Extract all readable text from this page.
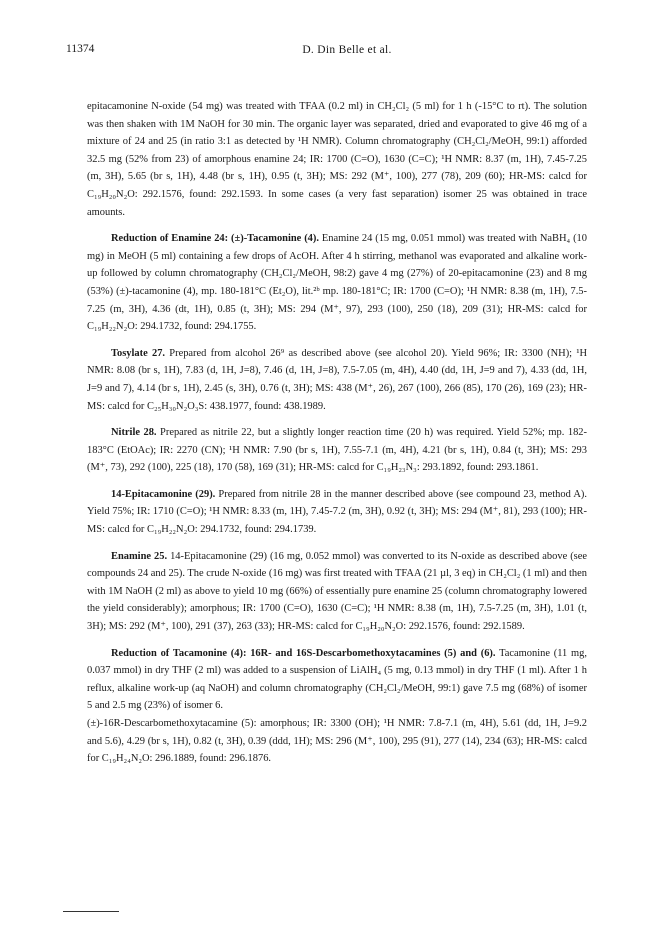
11374	D. Din Belle et al.

epitacamonine N-oxide (54 mg) was treated with TFAA (0.2 ml) in CH₂Cl₂ (5 ml) for 1 h (-15°C to rt). The solution was then shaken with 1M NaOH for 30 min. The organic layer was separated, dried and evaporated to give 46 mg of a mixture of 24 and 25 (in ratio 3:1 as detected by ¹H NMR). Column chromatography (CH₂Cl₂/MeOH, 99:1) afforded 32.5 mg (52% from 23) of amorphous enamine 24; IR: 1700 (C=O), 1630 (C=C); ¹H NMR: 8.37 (m, 1H), 7.45-7.25 (m, 3H), 5.65 (br s, 1H), 4.48 (br s, 1H), 0.95 (t, 3H); MS: 292 (M⁺, 100), 277 (78), 209 (60); HR-MS: calcd for C₁₉H₂₀N₂O: 292.1576, found: 292.1593. In some cases (a very fast separation) isomer 25 was obtained in trace amounts.

Reduction of Enamine 24: (±)-Tacamonine (4). Enamine 24 (15 mg, 0.051 mmol) was treated with NaBH₄ (10 mg) in MeOH (5 ml) containing a few drops of AcOH. After 4 h stirring, methanol was evaporated and alkaline work-up followed by column chromatography (CH₂Cl₂/MeOH, 98:2) gave 4 mg (27%) of 20-epitacamonine (23) and 8 mg (53%) (±)-tacamonine (4), mp. 180-181°C (Et₂O), lit.²ᵇ mp. 180-181°C; IR: 1700 (C=O); ¹H NMR: 8.38 (m, 1H), 7.5-7.25 (m, 3H), 4.36 (dt, 1H), 0.85 (t, 3H); MS: 294 (M⁺, 97), 293 (100), 250 (18), 209 (31); HR-MS: calcd for C₁₉H₂₂N₂O: 294.1732, found: 294.1755.

Tosylate 27. Prepared from alcohol 26⁹ as described above (see alcohol 20). Yield 96%; IR: 3300 (NH); ¹H NMR: 8.08 (br s, 1H), 7.83 (d, 1H, J=8), 7.46 (d, 1H, J=8), 7.5-7.05 (m, 4H), 4.40 (dd, 1H, J=9 and 7), 4.33 (dd, 1H, J=9 and 7), 4.14 (br s, 1H), 2.45 (s, 3H), 0.76 (t, 3H); MS: 438 (M⁺, 26), 267 (100), 266 (85), 170 (26), 169 (23); HR-MS: calcd for C₂₅H₃₀N₂O₃S: 438.1977, found: 438.1989.

Nitrile 28. Prepared as nitrile 22, but a slightly longer reaction time (20 h) was required. Yield 52%; mp. 182-183°C (EtOAc); IR: 2270 (CN); ¹H NMR: 7.90 (br s, 1H), 7.55-7.1 (m, 4H), 4.21 (br s, 1H), 0.84 (t, 3H); MS: 293 (M⁺, 73), 292 (100), 225 (18), 170 (58), 169 (31); HR-MS: calcd for C₁₉H₂₃N₃: 293.1892, found: 293.1861.

14-Epitacamonine (29). Prepared from nitrile 28 in the manner described above (see compound 23, method A). Yield 75%; IR: 1710 (C=O); ¹H NMR: 8.33 (m, 1H), 7.45-7.2 (m, 3H), 0.92 (t, 3H); MS: 294 (M⁺, 81), 293 (100); HR-MS: calcd for C₁₉H₂₂N₂O: 294.1732, found: 294.1739.

Enamine 25. 14-Epitacamonine (29) (16 mg, 0.052 mmol) was converted to its N-oxide as described above (see compounds 24 and 25). The crude N-oxide (16 mg) was first treated with TFAA (21 µl, 3 eq) in CH₂Cl₂ (1 ml) and then with 1M NaOH (2 ml) as above to yield 10 mg (66%) of essentially pure enamine 25 (column chromatography lowered the yield considerably); amorphous; IR: 1700 (C=O), 1630 (C=C); ¹H NMR: 8.38 (m, 1H), 7.5-7.25 (m, 3H), 1.01 (t, 3H); MS: 292 (M⁺, 100), 291 (37), 263 (33); HR-MS: calcd for C₁₉H₂₀N₂O: 292.1576, found: 292.1589.

Reduction of Tacamonine (4): 16R- and 16S-Descarbomethoxytacamines (5) and (6). Tacamonine (11 mg, 0.037 mmol) in dry THF (2 ml) was added to a suspension of LiAlH₄ (5 mg, 0.13 mmol) in dry THF (1 ml). After 1 h reflux, alkaline work-up (aq NaOH) and column chromatography (CH₂Cl₂/MeOH, 99:1) gave 7.5 mg (68%) of isomer 5 and 2.5 mg (23%) of isomer 6.

(±)-16R-Descarbomethoxytacamine (5): amorphous; IR: 3300 (OH); ¹H NMR: 7.8-7.1 (m, 4H), 5.61 (dd, 1H, J=9.2 and 5.6), 4.29 (br s, 1H), 0.82 (t, 3H), 0.39 (ddd, 1H); MS: 296 (M⁺, 100), 295 (91), 277 (14), 234 (63); HR-MS: calcd for C₁₉H₂₄N₂O: 296.1889, found: 296.1876.
